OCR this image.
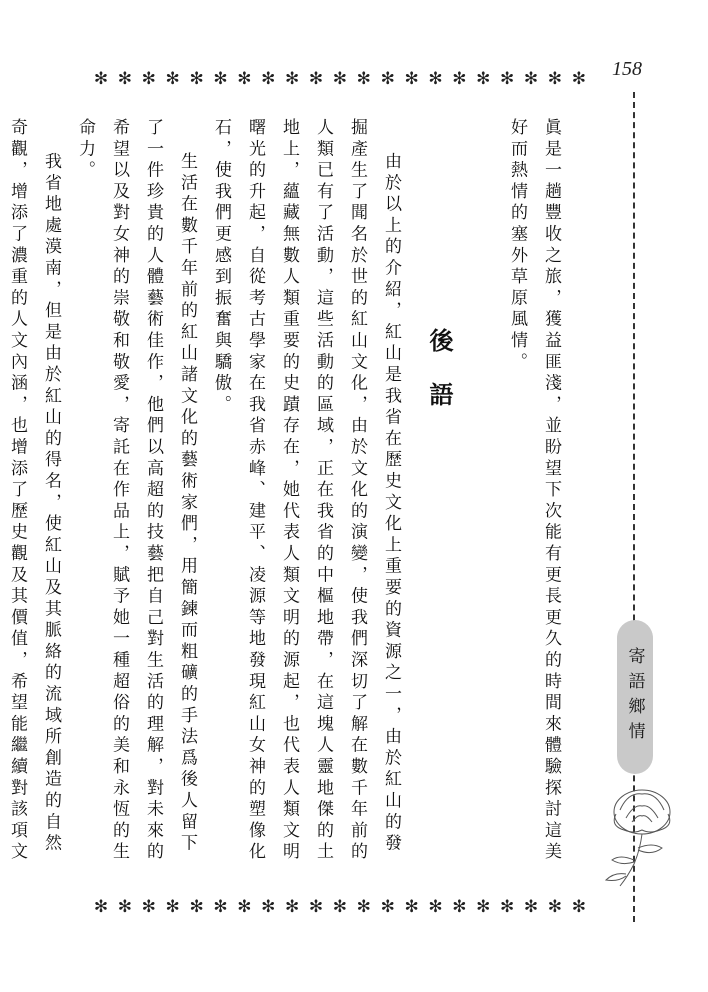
158
✻ ✻ ✻ ✻ ✻ ✻ ✻ ✻ ✻ ✻ ✻ ✻ ✻ ✻ ✻ ✻ ✻ ✻ ✻ ✻ ✻

眞是一趟豐收之旅，獲益匪淺，並盼望下次能有更長更久的時間來體驗探討這美好而熱情的塞外草原風情。

後語

由於以上的介紹，紅山是我省在歷史文化上重要的資源之一，由於紅山的發掘產生了聞名於世的紅山文化，由於文化的演變，使我們深切了解在數千年前的人類已有了活動，這些活動的區域，正在我省的中樞地帶，在這塊人靈地傑的土地上，蘊藏無數人類重要的史蹟存在，她代表人類文明的源起，也代表人類文明曙光的升起，自從考古學家在我省赤峰、建平、凌源等地發現紅山女神的塑像化石，使我們更感到振奮與驕傲。

生活在數千年前的紅山諸文化的藝術家們，用簡鍊而粗礦的手法爲後人留下了一件珍貴的人體藝術佳作，他們以高超的技藝把自己對生活的理解，對未來的希望以及對女神的崇敬和敬愛，寄託在作品上，賦予她一種超俗的美和永恆的生命力。

我省地處漠南，但是由於紅山的得名，使紅山及其脈絡的流域所創造的自然奇觀，增添了濃重的人文內涵，也增添了歷史觀及其價值，希望能繼續對該項文

寄語鄉情
✻ ✻ ✻ ✻ ✻ ✻ ✻ ✻ ✻ ✻ ✻ ✻ ✻ ✻ ✻ ✻ ✻ ✻ ✻ ✻ ✻
